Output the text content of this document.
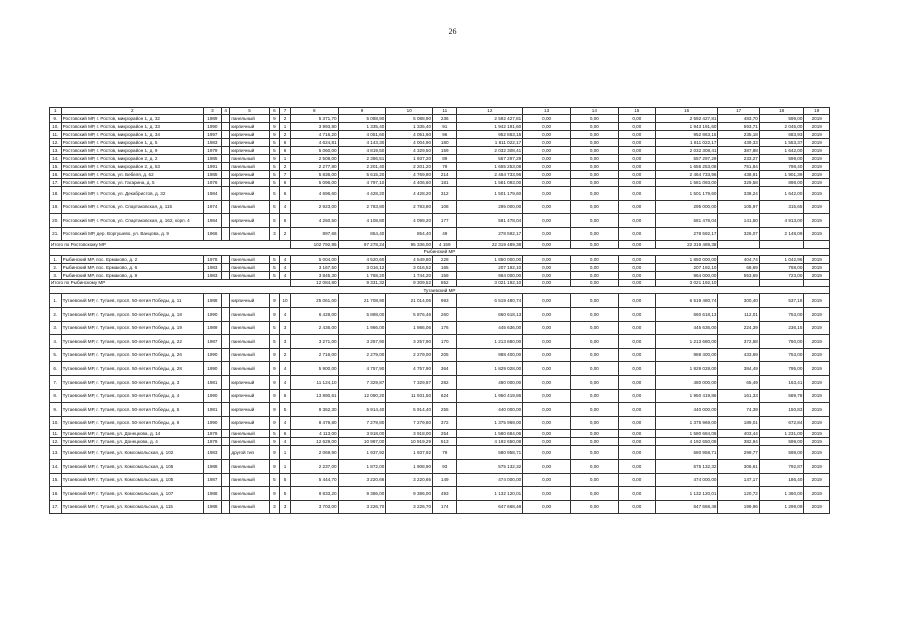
26
1	2	3	4	5	6	7	8	9	10	11	12	13	14	15	16	17	18	19
9.	Ростовский МР, г. Ростов, микрорайон 1, д. 32	1989		панельный	9	2	5 371,70	5 088,90	5 088,90	236	2 592 427,81	0,00	0,00	0,00	2 592 427,81	483,70	599,00	2019
10.	Ростовский МР, г. Ростов, микрорайон 1, д. 33	1990		кирпичный	9	1	3 993,80	1 335,40	1 335,40	91	1 942 191,60	0,00	0,00	0,00	1 943 191,60	593,71	2 045,00	2019
11.	Ростовский МР, г. Ростов, микрорайон 1, д. 34	1997		кирпичный	9	2	4 716,20	4 051,60	4 051,60	96	952 863,15	0,00	0,00	0,00	952 863,15	235,18	683,93	2019
12.	Ростовский МР, г. Ростов, микрорайон 1, д. 5	1983		кирпичный	5	6	4 624,81	4 143,30	4 004,90	180	1 811 022,17	0,00	0,00	0,00	1 811 022,17	439,33	1 553,37	2019
13.	Ростовский МР, г. Ростов, микрорайон 1, д. 9	1979		кирпичный	5	6	5 060,00	4 819,50	4 329,50	159	2 032 308,41	0,00	0,00	0,00	2 032 308,41	387,88	1 642,00	2019
14.	Ростовский МР, г. Ростов, микрорайон 2, д. 2	1985		панельный	9	1	2 508,00	2 386,51	1 937,20	89	557 297,29	0,00	0,00	0,00	557 297,29	233,27	599,00	2019
15.	Ростовский МР, г. Ростов, микрорайон 2, д. 53	1991		панельный	5	2	2 277,80	2 201,40	2 201,20	79	1 655 253,08	0,00	0,00	0,00	1 655 253,08	751,84	798,40	2019
16.	Ростовский МР, г. Ростов, ул. Бебеля, д. 62	1985		кирпичный	5	7	5 836,00	5 615,20	4 769,80	214	2 464 733,96	0,00	0,00	0,00	2 464 733,96	438,91	1 901,39	2019
17.	Ростовский МР, г. Ростов, ул. Гагарина, д. 5	1976		кирпичный	5	6	5 096,00	4 797,10	4 406,60	181	1 581 093,00	0,00	0,00	0,00	1 581 093,00	329,58	898,00	2019
18.	Ростовский МР, г. Ростов, ул. Декабристов, д. 32	1984		кирпичный	5	6	4 696,60	4 428,20	4 428,20	312	1 501 179,60	0,00	0,00	0,00	1 501 179,60	338,24	1 642,00	2019
19.	Ростовский МР, г. Ростов, ул. Спартаковская, д. 115	1974		панельный	5	4	2 923,00	2 783,80	2 783,80	108	295 000,00	0,00	0,00	0,00	295 000,00	105,97	315,65	2019
20.	Ростовский МР, г. Ростов, ул. Спартаковская, д. 162, корп. 4	1984		кирпичный	5	6	4 260,50	4 108,80	4 099,20	177	581 478,04	0,00	0,00	0,00	581 478,04	141,50	4 913,00	2019
21.	Ростовский МР, дер. Воргушево, ул. Ванцова, д. 9	1966		панельный	3	2	897,66	854,40	854,40	49	278 592,17	0,00	0,00	0,00	278 592,17	326,07	2 148,09	2019
Итого по Ростовскому МР							102 792,95	97 278,24	95 336,00	4 159	22 319 489,38	0,00	0,00	0,00	22 319 489,38			
Рыбинский МР																		
1.	Рыбинский МР, пос. Ермаково, д. 2	1978		панельный	5	4	5 004,00	4 520,60	4 549,80	228	1 850 000,00	0,00	0,00	0,00	1 850 000,00	404,74	1 042,96	2019
2.	Рыбинский МР, пос. Ермаково, д. 6	1983		панельный	5	4	3 167,50	3 016,12	3 016,52	165	207 192,10	0,00	0,00	0,00	207 192,10	68,69	768,00	2019
3.	Рыбинский МР, пос. Ермаково, д. 9	1983		панельный	5	4	3 845,30	1 768,20	1 744,20	159	964 000,00	0,00	0,00	0,00	964 000,00	553,69	723,00	2019
Итого по Рыбинскому МР							12 084,80	9 331,32	9 309,52	552	3 021 192,10	0,00	0,00	0,00	3 021 192,10			
Тутаевский МР																		
1.	Тутаевский МР, г. Тутаев, просп. 50-летия Победы, д. 11	1988		кирпичный	9	10	25 061,00	21 708,90	21 014,06	993	6 519 480,74	0,00	0,00	0,00	6 519 480,74	300,40	537,16	2019
2.	Тутаевский МР, г. Тутаев, просп. 50-летия Победы, д. 18	1990		панельный	9	4	6 428,00	5 898,00	5 876,46	260	660 618,13	0,00	0,00	0,00	660 618,13	112,01	753,00	2019
3.	Тутаевский МР, г. Тутаев, просп. 50-летия Победы, д. 19	1989		панельный	5	3	2 436,00	1 986,00	1 986,06	176	445 636,00	0,00	0,00	0,00	445 636,00	224,39	236,15	2019
4.	Тутаевский МР, г. Тутаев, просп. 50-летия Победы, д. 22	1987		панельный	5	3	3 271,00	3 257,90	3 257,90	170	1 213 680,00	0,00	0,00	0,00	1 213 680,00	372,58	760,00	2019
5.	Тутаевский МР, г. Тутаев, просп. 50-летия Победы, д. 26	1990		панельный	9	2	2 716,00	2 279,00	2 279,00	205	988 400,00	0,00	0,00	0,00	988 400,00	433,69	753,00	2019
6.	Тутаевский МР, г. Тутаев, просп. 50-летия Победы, д. 28	1990		панельный	9	4	5 900,00	4 757,90	4 757,90	364	1 829 028,00	0,00	0,00	0,00	1 829 028,00	384,49	795,00	2019
7.	Тутаевский МР, г. Тутаев, просп. 50-летия Победы, д. 3	1981		кирпичный	9	4	11 124,10	7 329,87	7 329,87	282	480 000,00	0,00	0,00	0,00	480 000,00	65,49	163,41	2019
8.	Тутаевский МР, г. Тутаев, просп. 50-летия Победы, д. 4	1990		кирпичный	9	6	13 890,61	12 090,20	11 931,50	624	1 950 419,86	0,00	0,00	0,00	1 950 419,86	161,33	589,78	2019
9.	Тутаевский МР, г. Тутаев, просп. 50-летия Победы, д. 5	1981		кирпичный	9	5	9 362,30	5 914,40	5 914,40	255	440 000,00	0,00	0,00	0,00	440 000,00	74,39	150,83	2019
10.	Тутаевский МР, г. Тутаев, просп. 50-летия Победы, д. 6	1990		кирпичный	9	4	8 479,80	7 279,80	7 279,80	372	1 375 969,00	0,00	0,00	0,00	1 375 969,00	189,01	672,84	2019
11.	Тутаевский МР, г. Тутаев, ул. Донецкова, д. 14	1979		панельный	5	6	4 113,00	3 918,00	3 918,00	254	1 580 684,06	0,00	0,00	0,00	1 580 684,06	403,44	1 231,00	2019
12.	Тутаевский МР, г. Тутаев, ул. Донецкова, д. 4	1979		панельный	9	4	12 629,00	10 987,00	10 919,29	513	4 192 650,08	0,00	0,00	0,00	4 192 650,08	382,94	599,00	2019
13.	Тутаевский МР, г. Тутаев, ул. Комсомольская, д. 102	1983		другой тип	9	1	2 069,90	1 937,92	1 937,92	79	580 958,71	0,00	0,00	0,00	580 958,71	299,77	599,00	2019
14.	Тутаевский МР, г. Тутаев, ул. Комсомольская, д. 105	1988		панельный	9	1	2 237,00	1 872,00	1 908,90	93	575 132,32	0,00	0,00	0,00	575 132,32	306,61	792,87	2019
15.	Тутаевский МР, г. Тутаев, ул. Комсомольская, д. 105	1987		панельный	5	5	5 444,70	3 220,66	3 220,66	149	474 000,00	0,00	0,00	0,00	474 000,00	147,17	186,40	2019
16.	Тутаевский МР, г. Тутаев, ул. Комсомольская, д. 107	1988		панельный	9	5	9 833,20	9 386,00	9 386,00	493	1 132 120,01	0,00	0,00	0,00	1 132 120,01	120,72	1 360,00	2019
17.	Тутаевский МР, г. Тутаев, ул. Комсомольская, д. 115	1988		панельный	3	3	3 703,00	3 226,70	3 226,70	174	647 668,48	0,00	0,00	0,00	647 668,48	199,96	1 299,09	2019
